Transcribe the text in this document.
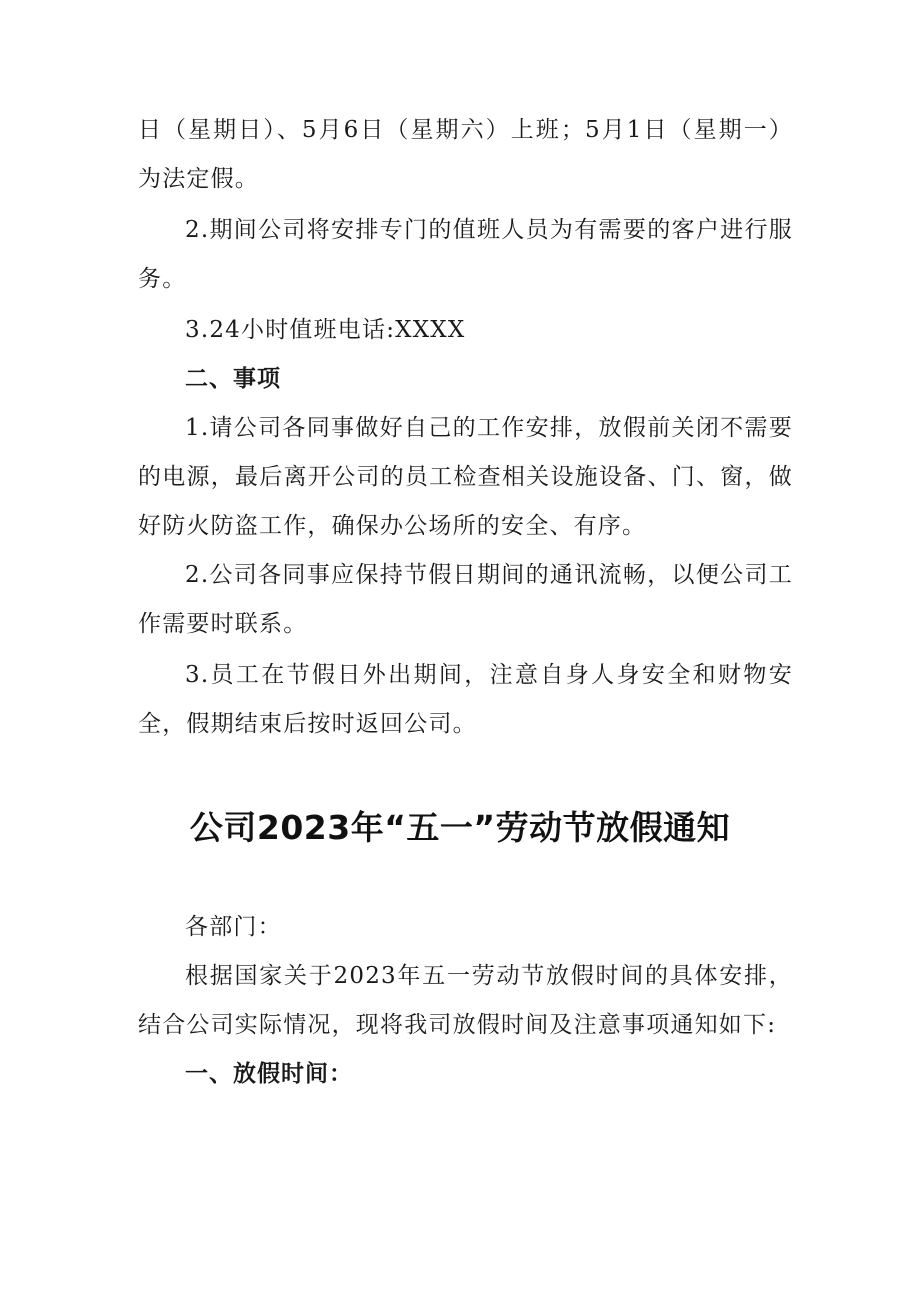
日（星期日）、5月6日（星期六）上班；5月1日（星期一）为法定假。

2.期间公司将安排专门的值班人员为有需要的客户进行服务。

3.24小时值班电话:XXXX

二、事项

1.请公司各同事做好自己的工作安排，放假前关闭不需要的电源，最后离开公司的员工检查相关设施设备、门、窗，做好防火防盗工作，确保办公场所的安全、有序。

2.公司各同事应保持节假日期间的通讯流畅，以便公司工作需要时联系。

3.员工在节假日外出期间，注意自身人身安全和财物安全，假期结束后按时返回公司。

公司2023年“五一”劳动节放假通知

各部门：

根据国家关于2023年五一劳动节放假时间的具体安排，结合公司实际情况，现将我司放假时间及注意事项通知如下:

一、放假时间：
